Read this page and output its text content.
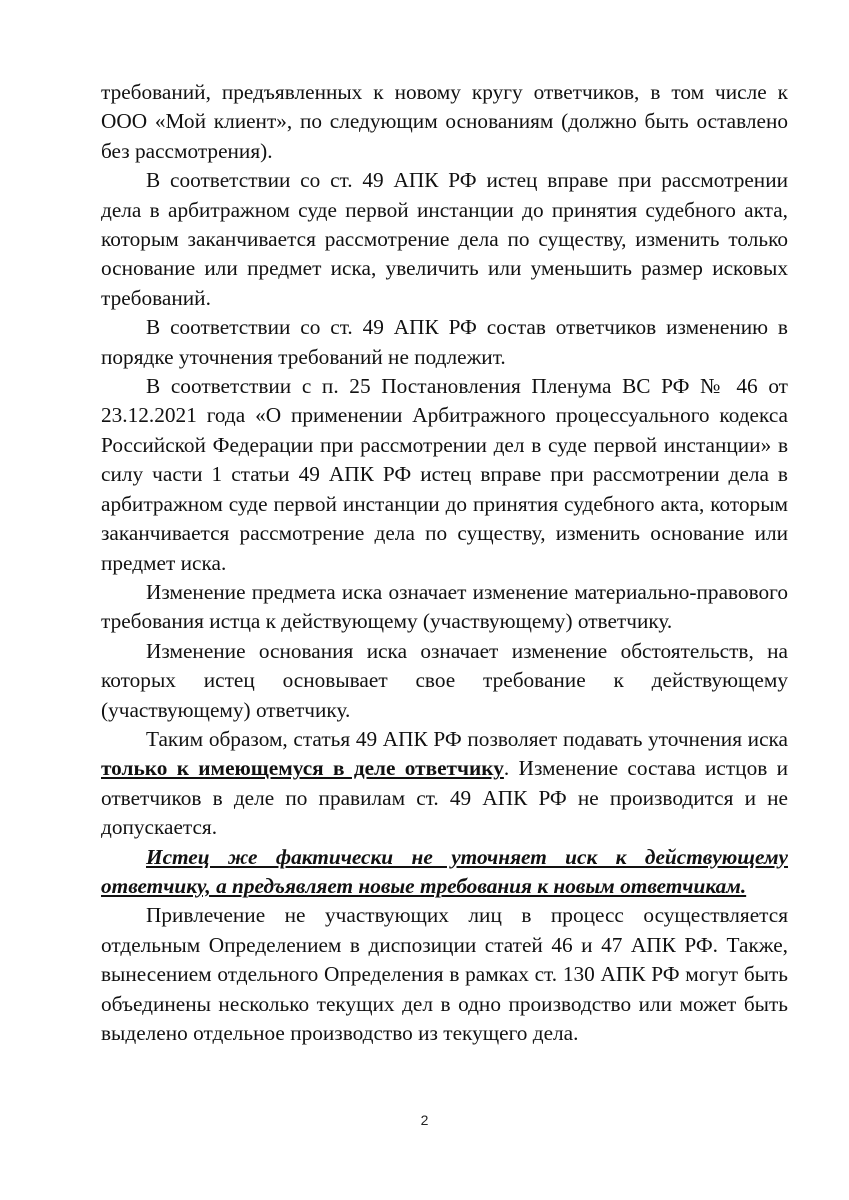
требований, предъявленных к новому кругу ответчиков, в том числе к ООО «Мой клиент», по следующим основаниям (должно быть оставлено без рассмотрения).

В соответствии со ст. 49 АПК РФ истец вправе при рассмотрении дела в арбитражном суде первой инстанции до принятия судебного акта, которым заканчивается рассмотрение дела по существу, изменить только основание или предмет иска, увеличить или уменьшить размер исковых требований.

В соответствии со ст. 49 АПК РФ состав ответчиков изменению в порядке уточнения требований не подлежит.

В соответствии с п. 25 Постановления Пленума ВС РФ № 46 от 23.12.2021 года «О применении Арбитражного процессуального кодекса Российской Федерации при рассмотрении дел в суде первой инстанции» в силу части 1 статьи 49 АПК РФ истец вправе при рассмотрении дела в арбитражном суде первой инстанции до принятия судебного акта, которым заканчивается рассмотрение дела по существу, изменить основание или предмет иска.

Изменение предмета иска означает изменение материально-правового требования истца к действующему (участвующему) ответчику.

Изменение основания иска означает изменение обстоятельств, на которых истец основывает свое требование к действующему (участвующему) ответчику.

Таким образом, статья 49 АПК РФ позволяет подавать уточнения иска только к имеющемуся в деле ответчику. Изменение состава истцов и ответчиков в деле по правилам ст. 49 АПК РФ не производится и не допускается.

Истец же фактически не уточняет иск к действующему ответчику, а предъявляет новые требования к новым ответчикам.

Привлечение не участвующих лиц в процесс осуществляется отдельным Определением в диспозиции статей 46 и 47 АПК РФ. Также, вынесением отдельного Определения в рамках ст. 130 АПК РФ могут быть объединены несколько текущих дел в одно производство или может быть выделено отдельное производство из текущего дела.

2
